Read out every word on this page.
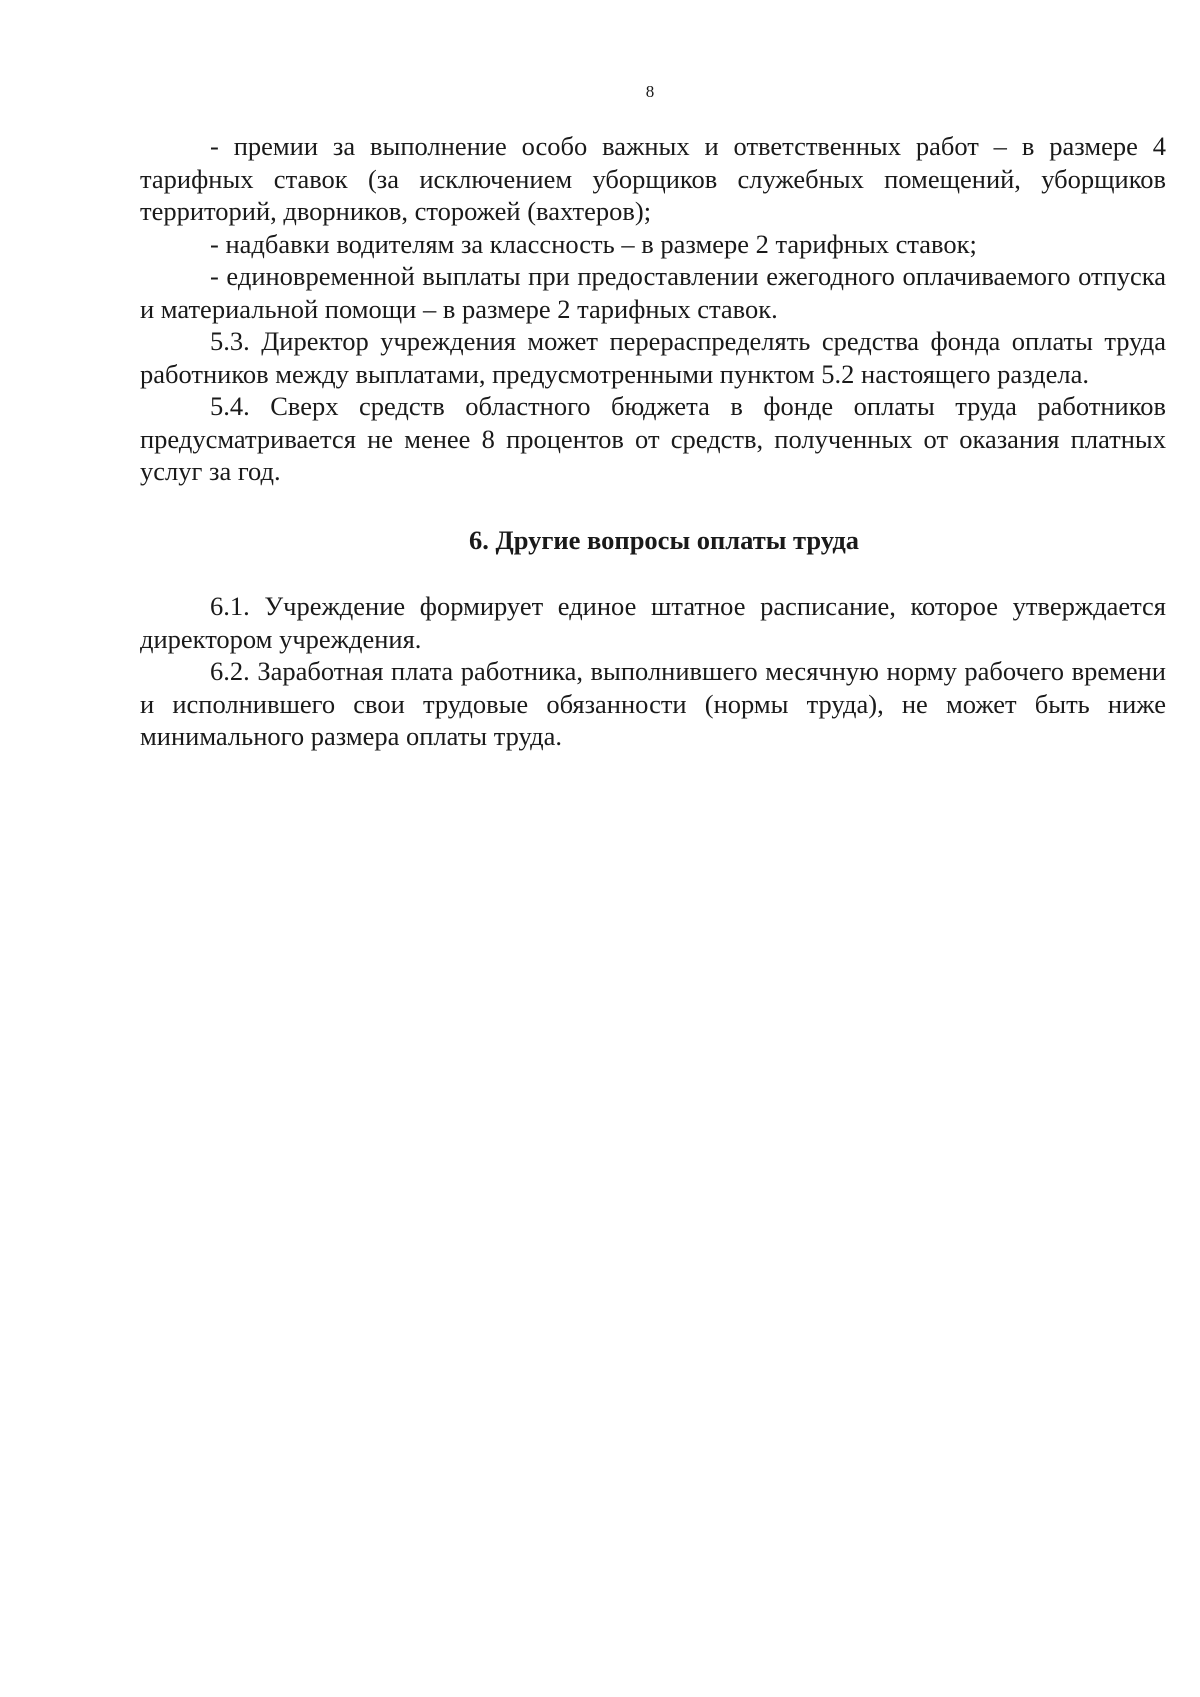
8

- премии за выполнение особо важных и ответственных работ – в размере 4 тарифных ставок (за исключением уборщиков служебных помещений, уборщиков территорий, дворников, сторожей (вахтеров);

- надбавки водителям за классность – в размере 2 тарифных ставок;

- единовременной выплаты при предоставлении ежегодного оплачиваемого отпуска и материальной помощи – в размере 2 тарифных ставок.

5.3. Директор учреждения может перераспределять средства фонда оплаты труда работников между выплатами, предусмотренными пунктом 5.2 настоящего раздела.

5.4. Сверх средств областного бюджета в фонде оплаты труда работников предусматривается не менее 8 процентов от средств, полученных от оказания платных услуг за год.

6. Другие вопросы оплаты труда

6.1. Учреждение формирует единое штатное расписание, которое утверждается директором учреждения.

6.2. Заработная плата работника, выполнившего месячную норму рабочего времени и исполнившего свои трудовые обязанности (нормы труда), не может быть ниже минимального размера оплаты труда.
